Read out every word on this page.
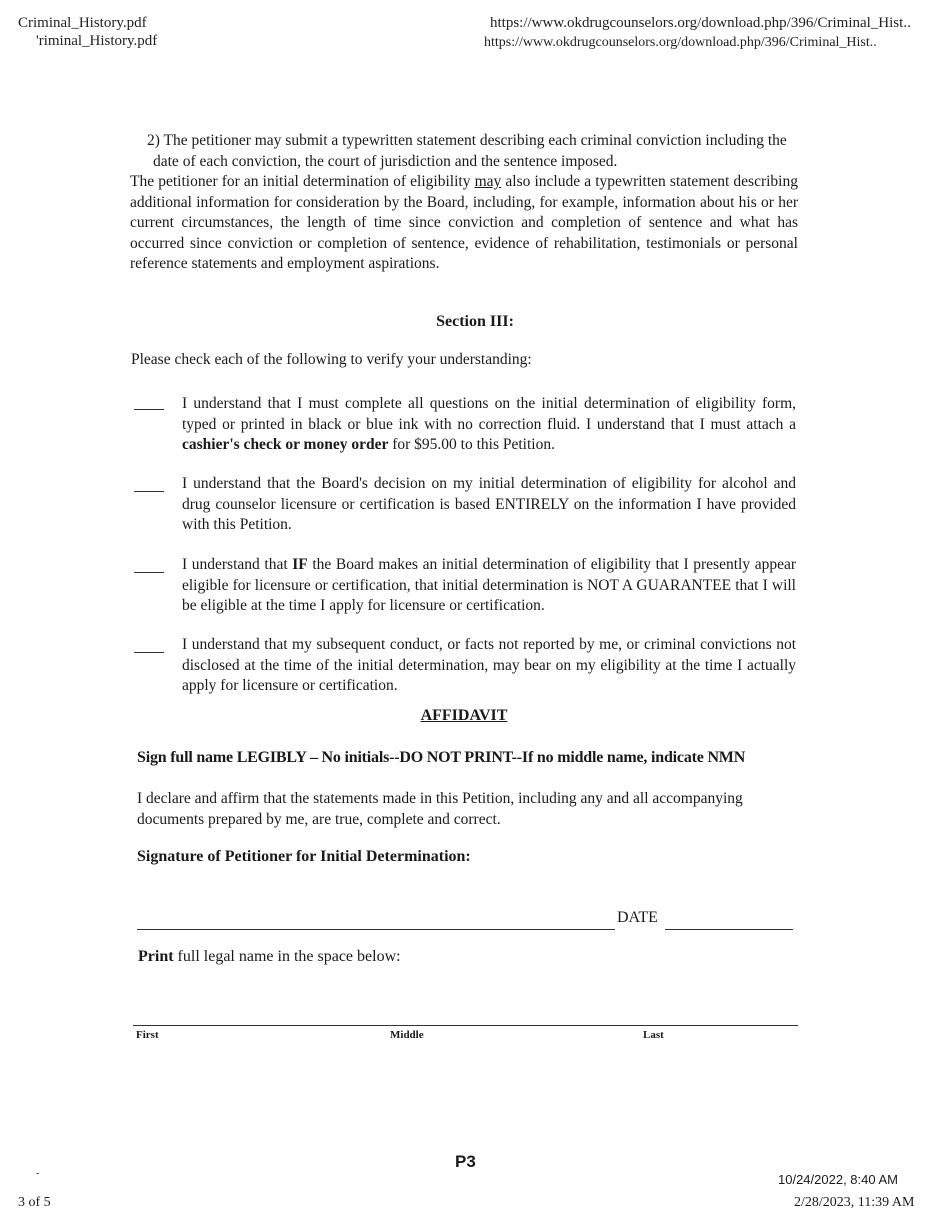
Criminal_History.pdf
'riminal_History.pdf
https://www.okdrugcounselors.org/download.php/396/Criminal_Hist..
https://www.okdrugcounselors.org/download.php/396/Criminal_Hist..
2) The petitioner may submit a typewritten statement describing each criminal conviction including the date of each conviction, the court of jurisdiction and the sentence imposed.
The petitioner for an initial determination of eligibility may also include a typewritten statement describing additional information for consideration by the Board, including, for example, information about his or her current circumstances, the length of time since conviction and completion of sentence and what has occurred since conviction or completion of sentence, evidence of rehabilitation, testimonials or personal reference statements and employment aspirations.
Section III:
Please check each of the following to verify your understanding:
I understand that I must complete all questions on the initial determination of eligibility form, typed or printed in black or blue ink with no correction fluid. I understand that I must attach a cashier's check or money order for $95.00 to this Petition.
I understand that the Board's decision on my initial determination of eligibility for alcohol and drug counselor licensure or certification is based ENTIRELY on the information I have provided with this Petition.
I understand that IF the Board makes an initial determination of eligibility that I presently appear eligible for licensure or certification, that initial determination is NOT A GUARANTEE that I will be eligible at the time I apply for licensure or certification.
I understand that my subsequent conduct, or facts not reported by me, or criminal convictions not disclosed at the time of the initial determination, may bear on my eligibility at the time I actually apply for licensure or certification.
AFFIDAVIT
Sign full name LEGIBLY – No initials--DO NOT PRINT--If no middle name, indicate NMN
I declare and affirm that the statements made in this Petition, including any and all accompanying documents prepared by me, are true, complete and correct.
Signature of Petitioner for Initial Determination:
DATE
Print full legal name in the space below:
First	Middle	Last
P3
-
3 of 5
10/24/2022, 8:40 AM
2/28/2023, 11:39 AM
